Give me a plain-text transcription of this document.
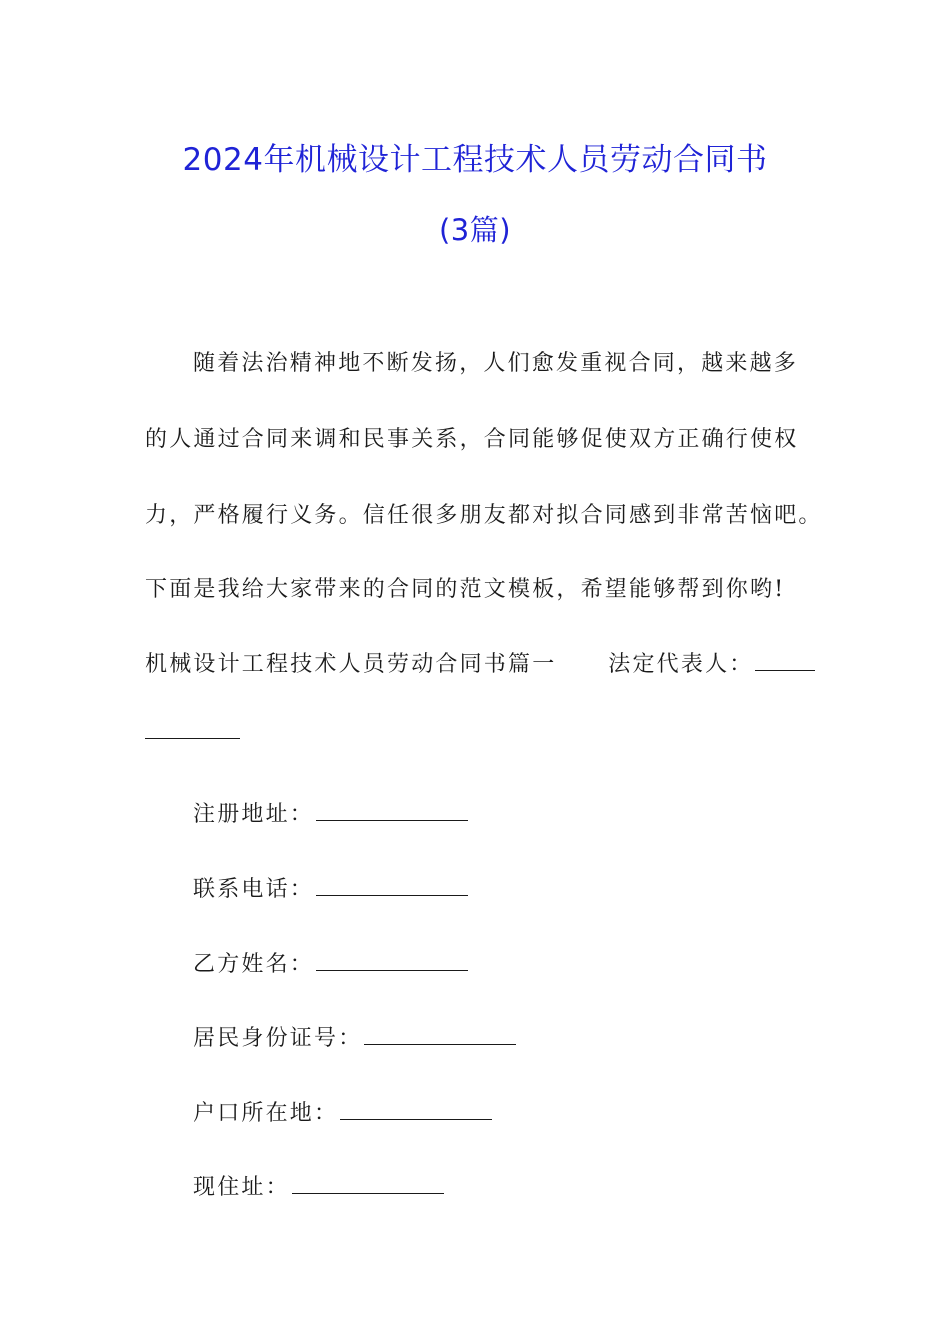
2024年机械设计工程技术人员劳动合同书
(3篇)
随着法治精神地不断发扬，人们愈发重视合同，越来越多
的人通过合同来调和民事关系，合同能够促使双方正确行使权
力，严格履行义务。信任很多朋友都对拟合同感到非常苦恼吧。
下面是我给大家带来的合同的范文模板，希望能够帮到你哟!
机械设计工程技术人员劳动合同书篇一 法定代表人：
注册地址：
联系电话：
乙方姓名：
居民身份证号：
户口所在地：
现住址：
